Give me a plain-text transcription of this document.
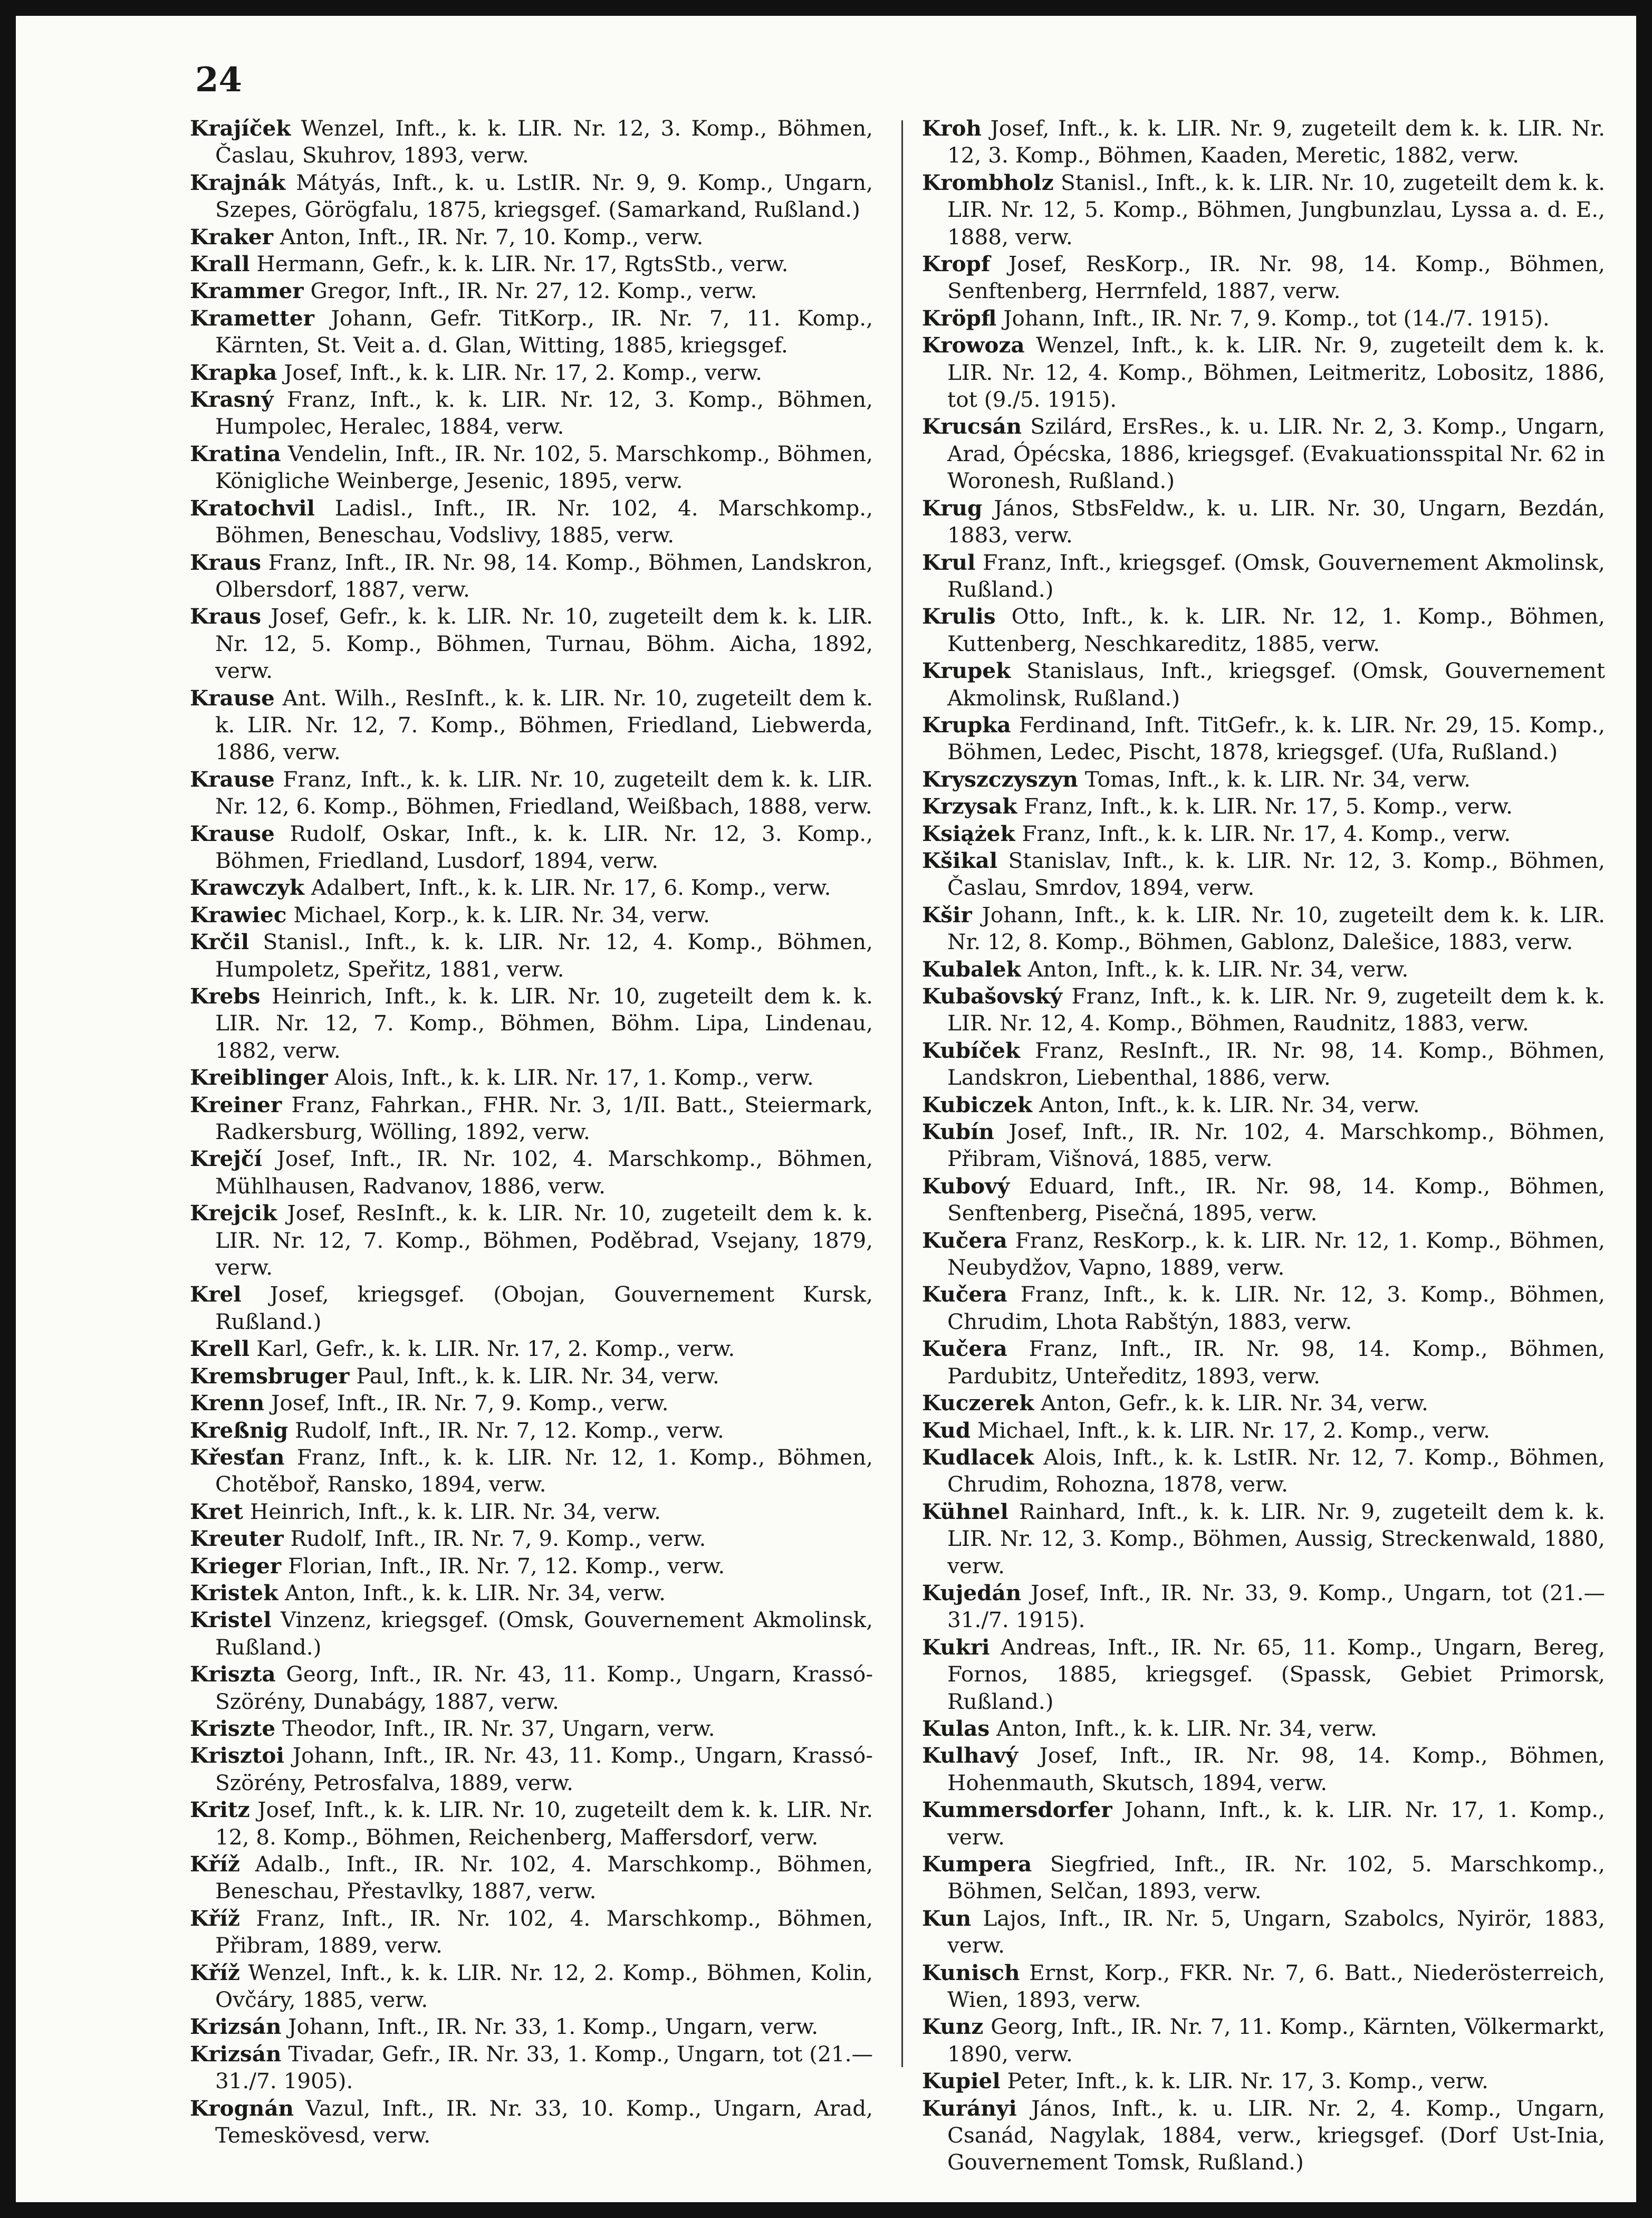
24

Krajíček Wenzel, Inft., k. k. LIR. Nr. 12, 3. Komp., Böhmen, Časlau, Skuhrov, 1893, verw.

Krajnák Mátyás, Inft., k. u. LstIR. Nr. 9, 9. Komp., Ungarn, Szepes, Görögfalu, 1875, kriegsgef. (Samarkand, Rußland.)

Kraker Anton, Inft., IR. Nr. 7, 10. Komp., verw.

Krall Hermann, Gefr., k. k. LIR. Nr. 17, RgtsStb., verw.

Krammer Gregor, Inft., IR. Nr. 27, 12. Komp., verw.

Krametter Johann, Gefr. TitKorp., IR. Nr. 7, 11. Komp., Kärnten, St. Veit a. d. Glan, Witting, 1885, kriegsgef.

Krapka Josef, Inft., k. k. LIR. Nr. 17, 2. Komp., verw.

Krasný Franz, Inft., k. k. LIR. Nr. 12, 3. Komp., Böhmen, Humpolec, Heralec, 1884, verw.

Kratina Vendelin, Inft., IR. Nr. 102, 5. Marschkomp., Böhmen, Königliche Weinberge, Jesenic, 1895, verw.

Kratochvil Ladisl., Inft., IR. Nr. 102, 4. Marschkomp., Böhmen, Beneschau, Vodslivy, 1885, verw.

Kraus Franz, Inft., IR. Nr. 98, 14. Komp., Böhmen, Landskron, Olbersdorf, 1887, verw.

Kraus Josef, Gefr., k. k. LIR. Nr. 10, zugeteilt dem k. k. LIR. Nr. 12, 5. Komp., Böhmen, Turnau, Böhm. Aicha, 1892, verw.

Krause Ant. Wilh., ResInft., k. k. LIR. Nr. 10, zugeteilt dem k. k. LIR. Nr. 12, 7. Komp., Böhmen, Friedland, Liebwerda, 1886, verw.

Krause Franz, Inft., k. k. LIR. Nr. 10, zugeteilt dem k. k. LIR. Nr. 12, 6. Komp., Böhmen, Friedland, Weißbach, 1888, verw.

Krause Rudolf, Oskar, Inft., k. k. LIR. Nr. 12, 3. Komp., Böhmen, Friedland, Lusdorf, 1894, verw.

Krawczyk Adalbert, Inft., k. k. LIR. Nr. 17, 6. Komp., verw.

Krawiec Michael, Korp., k. k. LIR. Nr. 34, verw.

Krčil Stanisl., Inft., k. k. LIR. Nr. 12, 4. Komp., Böhmen, Humpoletz, Speřitz, 1881, verw.

Krebs Heinrich, Inft., k. k. LIR. Nr. 10, zugeteilt dem k. k. LIR. Nr. 12, 7. Komp., Böhmen, Böhm. Lipa, Lindenau, 1882, verw.

Kreiblinger Alois, Inft., k. k. LIR. Nr. 17, 1. Komp., verw.

Kreiner Franz, Fahrkan., FHR. Nr. 3, 1/II. Batt., Steiermark, Radkersburg, Wölling, 1892, verw.

Krejčí Josef, Inft., IR. Nr. 102, 4. Marschkomp., Böhmen, Mühlhausen, Radvanov, 1886, verw.

Krejcik Josef, ResInft., k. k. LIR. Nr. 10, zugeteilt dem k. k. LIR. Nr. 12, 7. Komp., Böhmen, Poděbrad, Vsejany, 1879, verw.

Krel Josef, kriegsgef. (Obojan, Gouvernement Kursk, Rußland.)

Krell Karl, Gefr., k. k. LIR. Nr. 17, 2. Komp., verw.

Kremsbruger Paul, Inft., k. k. LIR. Nr. 34, verw.

Krenn Josef, Inft., IR. Nr. 7, 9. Komp., verw.

Kreßnig Rudolf, Inft., IR. Nr. 7, 12. Komp., verw.

Křesťan Franz, Inft., k. k. LIR. Nr. 12, 1. Komp., Böhmen, Chotěboř, Ransko, 1894, verw.

Kret Heinrich, Inft., k. k. LIR. Nr. 34, verw.

Kreuter Rudolf, Inft., IR. Nr. 7, 9. Komp., verw.

Krieger Florian, Inft., IR. Nr. 7, 12. Komp., verw.

Kristek Anton, Inft., k. k. LIR. Nr. 34, verw.

Kristel Vinzenz, kriegsgef. (Omsk, Gouvernement Akmolinsk, Rußland.)

Kriszta Georg, Inft., IR. Nr. 43, 11. Komp., Ungarn, Krassó-Szörény, Dunabágy, 1887, verw.

Kriszte Theodor, Inft., IR. Nr. 37, Ungarn, verw.

Krisztoi Johann, Inft., IR. Nr. 43, 11. Komp., Ungarn, Krassó-Szörény, Petrosfalva, 1889, verw.

Kritz Josef, Inft., k. k. LIR. Nr. 10, zugeteilt dem k. k. LIR. Nr. 12, 8. Komp., Böhmen, Reichenberg, Maffersdorf, verw.

Kříž Adalb., Inft., IR. Nr. 102, 4. Marschkomp., Böhmen, Beneschau, Přestavlky, 1887, verw.

Kříž Franz, Inft., IR. Nr. 102, 4. Marschkomp., Böhmen, Přibram, 1889, verw.

Kříž Wenzel, Inft., k. k. LIR. Nr. 12, 2. Komp., Böhmen, Kolin, Ovčáry, 1885, verw.

Krizsán Johann, Inft., IR. Nr. 33, 1. Komp., Ungarn, verw.

Krizsán Tivadar, Gefr., IR. Nr. 33, 1. Komp., Ungarn, tot (21.—31./7. 1905).

Krognán Vazul, Inft., IR. Nr. 33, 10. Komp., Ungarn, Arad, Temeskövesd, verw.

Kroh Josef, Inft., k. k. LIR. Nr. 9, zugeteilt dem k. k. LIR. Nr. 12, 3. Komp., Böhmen, Kaaden, Meretic, 1882, verw.

Krombholz Stanisl., Inft., k. k. LIR. Nr. 10, zugeteilt dem k. k. LIR. Nr. 12, 5. Komp., Böhmen, Jungbunzlau, Lyssa a. d. E., 1888, verw.

Kropf Josef, ResKorp., IR. Nr. 98, 14. Komp., Böhmen, Senftenberg, Herrnfeld, 1887, verw.

Kröpfl Johann, Inft., IR. Nr. 7, 9. Komp., tot (14./7. 1915).

Krowoza Wenzel, Inft., k. k. LIR. Nr. 9, zugeteilt dem k. k. LIR. Nr. 12, 4. Komp., Böhmen, Leitmeritz, Lobositz, 1886, tot (9./5. 1915).

Krucsán Szilárd, ErsRes., k. u. LIR. Nr. 2, 3. Komp., Ungarn, Arad, Ópécska, 1886, kriegsgef. (Evakuationsspital Nr. 62 in Woronesh, Rußland.)

Krug János, StbsFeldw., k. u. LIR. Nr. 30, Ungarn, Bezdán, 1883, verw.

Krul Franz, Inft., kriegsgef. (Omsk, Gouvernement Akmolinsk, Rußland.)

Krulis Otto, Inft., k. k. LIR. Nr. 12, 1. Komp., Böhmen, Kuttenberg, Neschkareditz, 1885, verw.

Krupek Stanislaus, Inft., kriegsgef. (Omsk, Gouvernement Akmolinsk, Rußland.)

Krupka Ferdinand, Inft. TitGefr., k. k. LIR. Nr. 29, 15. Komp., Böhmen, Ledec, Pischt, 1878, kriegsgef. (Ufa, Rußland.)

Kryszczyszyn Tomas, Inft., k. k. LIR. Nr. 34, verw.

Krzysak Franz, Inft., k. k. LIR. Nr. 17, 5. Komp., verw.

Książek Franz, Inft., k. k. LIR. Nr. 17, 4. Komp., verw.

Kšikal Stanislav, Inft., k. k. LIR. Nr. 12, 3. Komp., Böhmen, Časlau, Smrdov, 1894, verw.

Kšir Johann, Inft., k. k. LIR. Nr. 10, zugeteilt dem k. k. LIR. Nr. 12, 8. Komp., Böhmen, Gablonz, Dalešice, 1883, verw.

Kubalek Anton, Inft., k. k. LIR. Nr. 34, verw.

Kubašovský Franz, Inft., k. k. LIR. Nr. 9, zugeteilt dem k. k. LIR. Nr. 12, 4. Komp., Böhmen, Raudnitz, 1883, verw.

Kubíček Franz, ResInft., IR. Nr. 98, 14. Komp., Böhmen, Landskron, Liebenthal, 1886, verw.

Kubiczek Anton, Inft., k. k. LIR. Nr. 34, verw.

Kubín Josef, Inft., IR. Nr. 102, 4. Marschkomp., Böhmen, Přibram, Višnová, 1885, verw.

Kubový Eduard, Inft., IR. Nr. 98, 14. Komp., Böhmen, Senftenberg, Pisečná, 1895, verw.

Kučera Franz, ResKorp., k. k. LIR. Nr. 12, 1. Komp., Böhmen, Neubydžov, Vapno, 1889, verw.

Kučera Franz, Inft., k. k. LIR. Nr. 12, 3. Komp., Böhmen, Chrudim, Lhota Rabštýn, 1883, verw.

Kučera Franz, Inft., IR. Nr. 98, 14. Komp., Böhmen, Pardubitz, Unteředitz, 1893, verw.

Kuczerek Anton, Gefr., k. k. LIR. Nr. 34, verw.

Kud Michael, Inft., k. k. LIR. Nr. 17, 2. Komp., verw.

Kudlacek Alois, Inft., k. k. LstIR. Nr. 12, 7. Komp., Böhmen, Chrudim, Rohozna, 1878, verw.

Kühnel Rainhard, Inft., k. k. LIR. Nr. 9, zugeteilt dem k. k. LIR. Nr. 12, 3. Komp., Böhmen, Aussig, Streckenwald, 1880, verw.

Kujedán Josef, Inft., IR. Nr. 33, 9. Komp., Ungarn, tot (21.—31./7. 1915).

Kukri Andreas, Inft., IR. Nr. 65, 11. Komp., Ungarn, Bereg, Fornos, 1885, kriegsgef. (Spassk, Gebiet Primorsk, Rußland.)

Kulas Anton, Inft., k. k. LIR. Nr. 34, verw.

Kulhavý Josef, Inft., IR. Nr. 98, 14. Komp., Böhmen, Hohenmauth, Skutsch, 1894, verw.

Kummersdorfer Johann, Inft., k. k. LIR. Nr. 17, 1. Komp., verw.

Kumpera Siegfried, Inft., IR. Nr. 102, 5. Marschkomp., Böhmen, Selčan, 1893, verw.

Kun Lajos, Inft., IR. Nr. 5, Ungarn, Szabolcs, Nyirör, 1883, verw.

Kunisch Ernst, Korp., FKR. Nr. 7, 6. Batt., Niederösterreich, Wien, 1893, verw.

Kunz Georg, Inft., IR. Nr. 7, 11. Komp., Kärnten, Völkermarkt, 1890, verw.

Kupiel Peter, Inft., k. k. LIR. Nr. 17, 3. Komp., verw.

Kurányi János, Inft., k. u. LIR. Nr. 2, 4. Komp., Ungarn, Csanád, Nagylak, 1884, verw., kriegsgef. (Dorf Ust-Inia, Gouvernement Tomsk, Rußland.)
